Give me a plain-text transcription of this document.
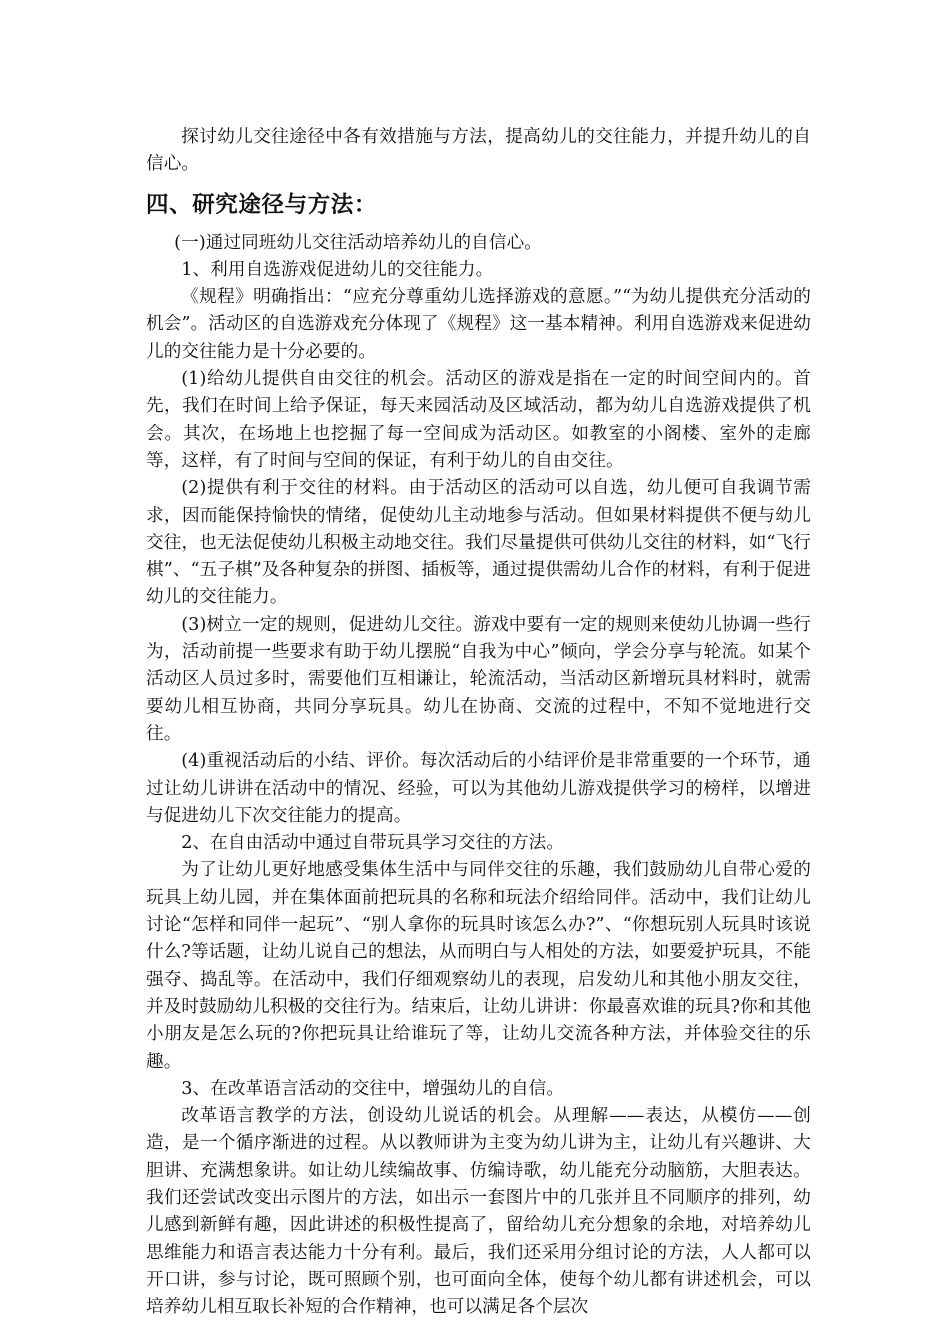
探讨幼儿交往途径中各有效措施与方法，提高幼儿的交往能力，并提升幼儿的自信心。

四、研究途径与方法：

(一)通过同班幼儿交往活动培养幼儿的自信心。

1、利用自选游戏促进幼儿的交往能力。

《规程》明确指出：“应充分尊重幼儿选择游戏的意愿。”“为幼儿提供充分活动的机会”。活动区的自选游戏充分体现了《规程》这一基本精神。利用自选游戏来促进幼儿的交往能力是十分必要的。

(1)给幼儿提供自由交往的机会。活动区的游戏是指在一定的时间空间内的。首先，我们在时间上给予保证，每天来园活动及区域活动，都为幼儿自选游戏提供了机会。其次，在场地上也挖掘了每一空间成为活动区。如教室的小阁楼、室外的走廊等，这样，有了时间与空间的保证，有利于幼儿的自由交往。

(2)提供有利于交往的材料。由于活动区的活动可以自选，幼儿便可自我调节需求，因而能保持愉快的情绪，促使幼儿主动地参与活动。但如果材料提供不便与幼儿交往，也无法促使幼儿积极主动地交往。我们尽量提供可供幼儿交往的材料，如“飞行棋”、“五子棋”及各种复杂的拼图、插板等，通过提供需幼儿合作的材料，有利于促进幼儿的交往能力。

(3)树立一定的规则，促进幼儿交往。游戏中要有一定的规则来使幼儿协调一些行为，活动前提一些要求有助于幼儿摆脱“自我为中心”倾向，学会分享与轮流。如某个活动区人员过多时，需要他们互相谦让，轮流活动，当活动区新增玩具材料时，就需要幼儿相互协商，共同分享玩具。幼儿在协商、交流的过程中，不知不觉地进行交往。

(4)重视活动后的小结、评价。每次活动后的小结评价是非常重要的一个环节，通过让幼儿讲讲在活动中的情况、经验，可以为其他幼儿游戏提供学习的榜样，以增进与促进幼儿下次交往能力的提高。

2、在自由活动中通过自带玩具学习交往的方法。

为了让幼儿更好地感受集体生活中与同伴交往的乐趣，我们鼓励幼儿自带心爱的玩具上幼儿园，并在集体面前把玩具的名称和玩法介绍给同伴。活动中，我们让幼儿讨论“怎样和同伴一起玩”、“别人拿你的玩具时该怎么办?”、“你想玩别人玩具时该说什么?等话题，让幼儿说自己的想法，从而明白与人相处的方法，如要爱护玩具，不能强夺、捣乱等。在活动中，我们仔细观察幼儿的表现，启发幼儿和其他小朋友交往，并及时鼓励幼儿积极的交往行为。结束后，让幼儿讲讲：你最喜欢谁的玩具?你和其他小朋友是怎么玩的?你把玩具让给谁玩了等，让幼儿交流各种方法，并体验交往的乐趣。

3、在改革语言活动的交往中，增强幼儿的自信。

改革语言教学的方法，创设幼儿说话的机会。从理解——表达，从模仿——创造，是一个循序渐进的过程。从以教师讲为主变为幼儿讲为主，让幼儿有兴趣讲、大胆讲、充满想象讲。如让幼儿续编故事、仿编诗歌，幼儿能充分动脑筋，大胆表达。我们还尝试改变出示图片的方法，如出示一套图片中的几张并且不同顺序的排列，幼儿感到新鲜有趣，因此讲述的积极性提高了，留给幼儿充分想象的余地，对培养幼儿思维能力和语言表达能力十分有利。最后，我们还采用分组讨论的方法，人人都可以开口讲，参与讨论，既可照顾个别，也可面向全体，使每个幼儿都有讲述机会，可以培养幼儿相互取长补短的合作精神，也可以满足各个层次
